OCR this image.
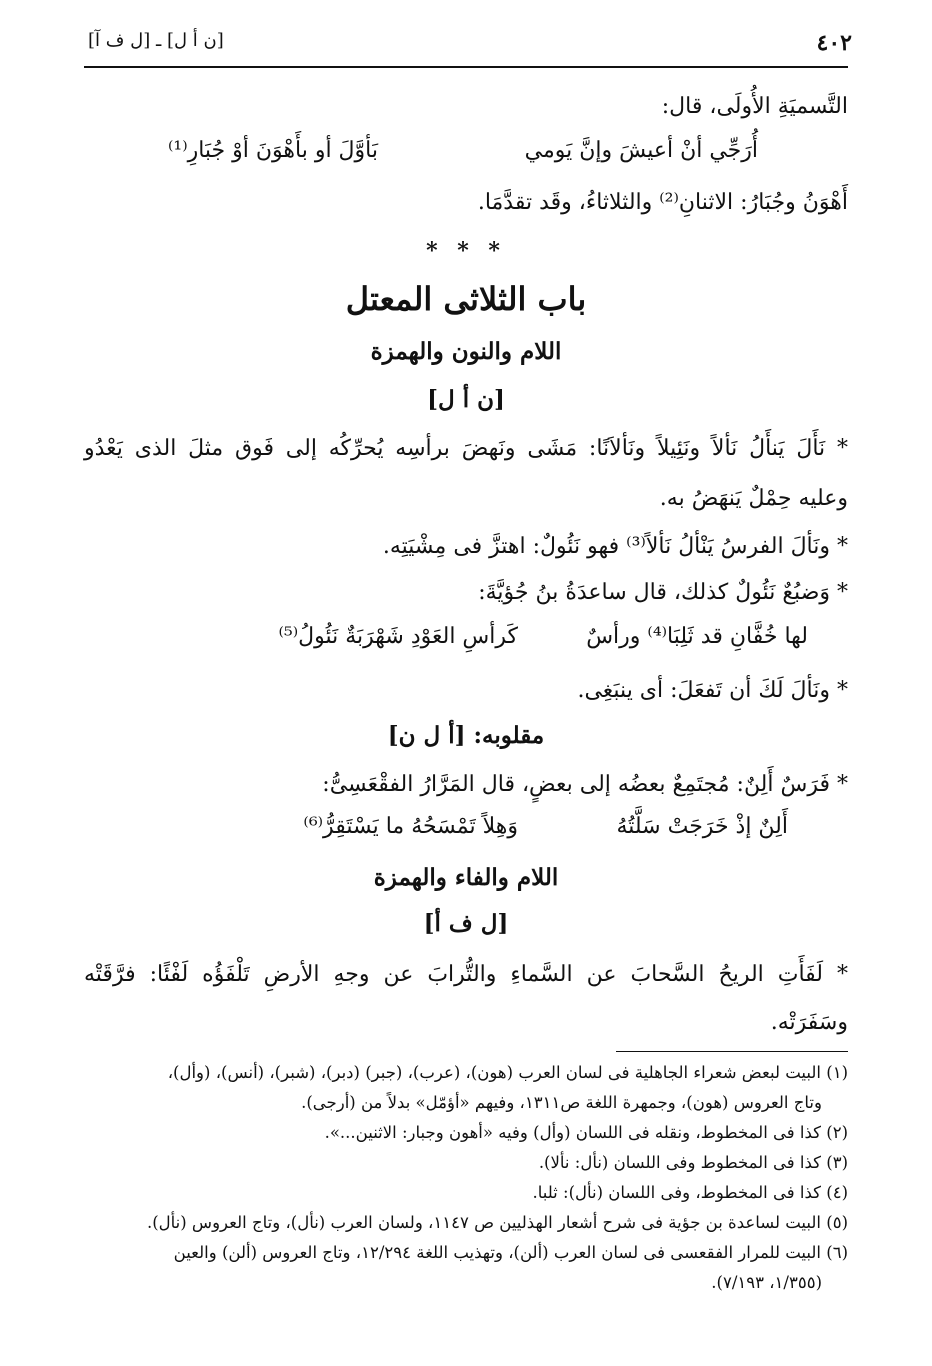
٤٠٢
[ن أ ل] ـ [ل ف آ]
التَّسميَةِ الأُولَى، قال:
أُرَجِّي أنْ أعيشَ وإنَّ يَومي
بَأوَّلَ أو بأَهْوَنَ أوْ جُبَارِ⁽¹⁾
أَهْوَنُ وجُبَارُ: الاثنانِ⁽²⁾ والثلاثاءُ، وقَد تقدَّمَا.
* * *
باب الثلاثى المعتل
اللام والنون والهمزة
[ن أ ل]
* نَأَلَ يَنأَلُ نَألاً ونَئِيلاً ونَألاَنًا: مَشَى ونَهضَ برأسِه يُحرِّكُه إلى فَوق مثلَ الذى يَعْدُو
وعليه حِمْلٌ يَنهَضُ به.
* ونَألَ الفرسُ يَنْألُ نَألاً⁽³⁾ فهو نَئُولٌ: اهتزَّ فى مِشْيَتِه.
* وَضبُعٌ نَئُولٌ كذلك، قال ساعدَةُ بنُ جُؤيَّةَ:
لها خُفَّانِ قد ثَلِبَا⁽⁴⁾ ورأسٌ
كَرأسِ العَوْدِ شَهْرَبَةٌ نَئُولُ⁽⁵⁾
* ونَألَ لَكَ أن تَفعَلَ: أى ينبَغِى.
مقلوبه: [أ ل ن]
* فَرَسٌ أَلِنٌ: مُجتَمِعٌ بعضُه إلى بعضٍ، قال المَرَّارُ الفقْعَسِىُّ:
أَلِنٌ إذْ خَرَجَتْ سَلَّتُهُ
وَهِلاً تَمْسَحُهُ ما يَسْتَقِرُّ⁽⁶⁾
اللام والفاء والهمزة
[ل ف أ]
* لَفَأَتِ الريحُ السَّحابَ عن السَّماءِ والتُّرابَ عن وجهِ الأرضِ تَلْفَؤُه لَفْئًا: فرَّقَتْه
وسَفَرَتْه.
(١) البيت لبعض شعراء الجاهلية فى لسان العرب (هون)، (عرب)، (جبر) (دبر)، (شبر)، (أنس)، (وأل)،
وتاج العروس (هون)، وجمهرة اللغة ص١٣١١، وفيهم «أؤمّل» بدلاً من (أرجى).
(٢) كذا فى المخطوط، ونقله فى اللسان (وأل) وفيه «أهون وجبار: الاثنين...».
(٣) كذا فى المخطوط وفى اللسان (نأل: نألا).
(٤) كذا فى المخطوط، وفى اللسان (نأل): ثلبا.
(٥) البيت لساعدة بن جؤية فى شرح أشعار الهذليين ص ١١٤٧، ولسان العرب (نأل)، وتاج العروس (نأل).
(٦) البيت للمرار الفقعسى فى لسان العرب (ألن)، وتهذيب اللغة ١٢/٢٩٤، وتاج العروس (ألن) والعين
(١/٣٥٥، ٧/١٩٣).
